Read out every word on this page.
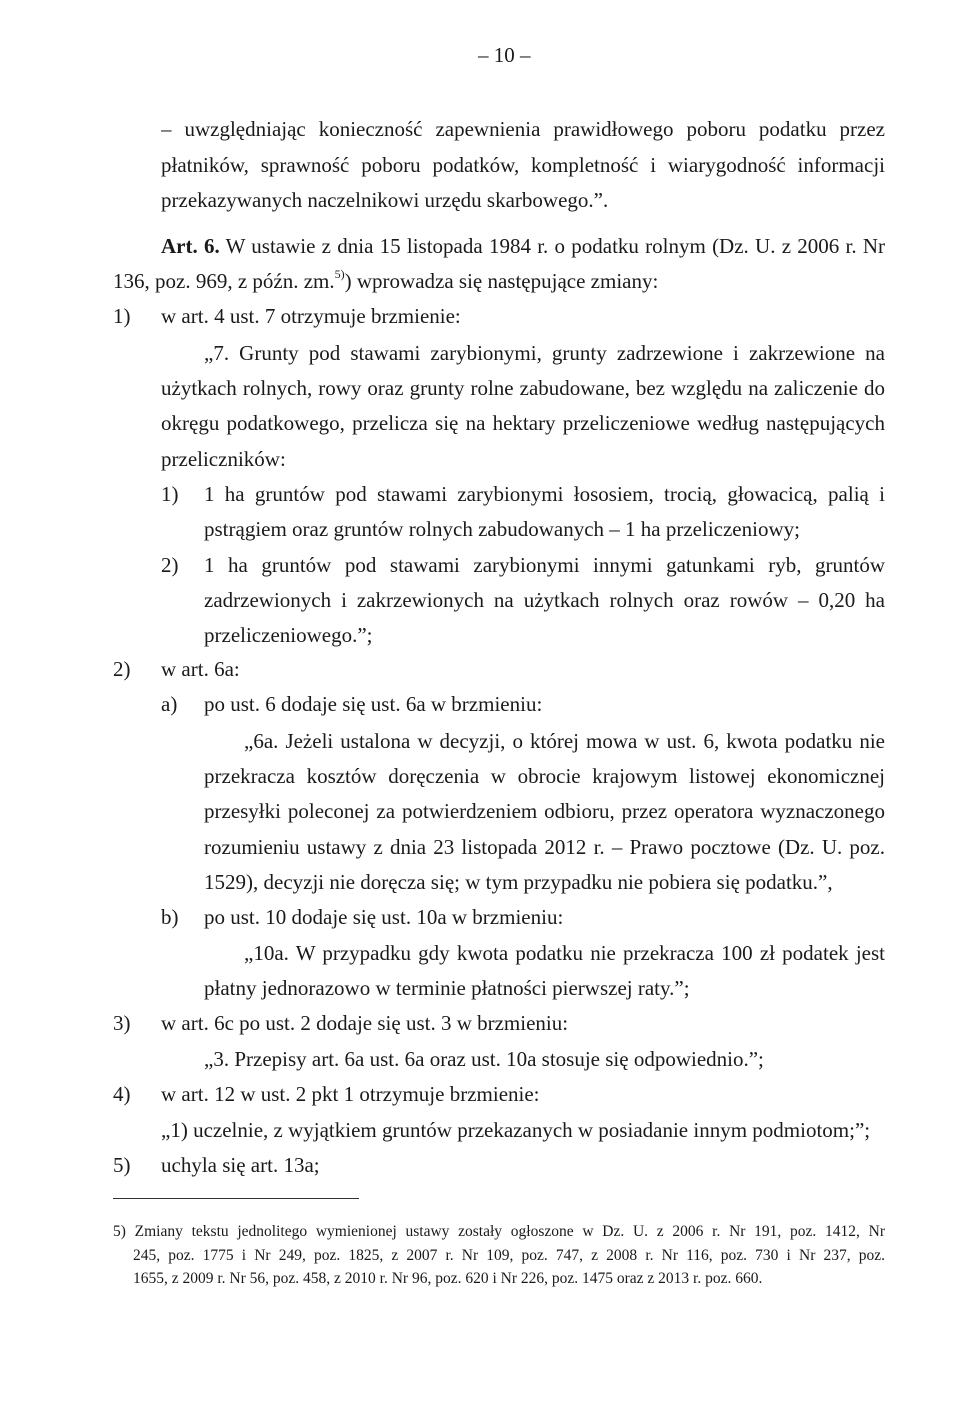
– 10 –
– uwzględniając konieczność zapewnienia prawidłowego poboru podatku przez
płatników, sprawność poboru podatków, kompletność i wiarygodność informacji
przekazywanych naczelnikowi urzędu skarbowego.”.
Art. 6. W ustawie z dnia 15 listopada 1984 r. o podatku rolnym (Dz. U. z 2006 r. Nr
136, poz. 969, z późn. zm.$^{5)}$) wprowadza się następujące zmiany:
1) w art. 4 ust. 7 otrzymuje brzmienie:
„7. Grunty pod stawami zarybionymi, grunty zadrzewione i zakrzewione na
użytkach rolnych, rowy oraz grunty rolne zabudowane, bez względu na zaliczenie do
okręgu podatkowego, przelicza się na hektary przeliczeniowe według następujących
przeliczników:
1) 1 ha gruntów pod stawami zarybionymi łososiem, trocią, głowacicą, palią i
pstrągiem oraz gruntów rolnych zabudowanych – 1 ha przeliczeniowy;
2) 1 ha gruntów pod stawami zarybionymi innymi gatunkami ryb, gruntów
zadrzewionych i zakrzewionych na użytkach rolnych oraz rowów – 0,20 ha
przeliczeniowego.”;
2) w art. 6a:
a) po ust. 6 dodaje się ust. 6a w brzmieniu:
„6a. Jeżeli ustalona w decyzji, o której mowa w ust. 6, kwota podatku nie
przekracza kosztów doręczenia w obrocie krajowym listowej ekonomicznej
przesyłki poleconej za potwierdzeniem odbioru, przez operatora wyznaczonego
rozumieniu ustawy z dnia 23 listopada 2012 r. – Prawo pocztowe (Dz. U. poz.
1529), decyzji nie doręcza się; w tym przypadku nie pobiera się podatku.”,
b) po ust. 10 dodaje się ust. 10a w brzmieniu:
„10a. W przypadku gdy kwota podatku nie przekracza 100 zł podatek jest
płatny jednorazowo w terminie płatności pierwszej raty.”;
3) w art. 6c po ust. 2 dodaje się ust. 3 w brzmieniu:
„3. Przepisy art. 6a ust. 6a oraz ust. 10a stosuje się odpowiednio.”;
4) w art. 12 w ust. 2 pkt 1 otrzymuje brzmienie:
„1) uczelnie, z wyjątkiem gruntów przekazanych w posiadanie innym podmiotom;”;
5) uchyla się art. 13a;
5) Zmiany tekstu jednolitego wymienionej ustawy zostały ogłoszone w Dz. U. z 2006 r. Nr 191, poz. 1412, Nr
245, poz. 1775 i Nr 249, poz. 1825, z 2007 r. Nr 109, poz. 747, z 2008 r. Nr 116, poz. 730 i Nr 237, poz.
1655, z 2009 r. Nr 56, poz. 458, z 2010 r. Nr 96, poz. 620 i Nr 226, poz. 1475 oraz z 2013 r. poz. 660.
